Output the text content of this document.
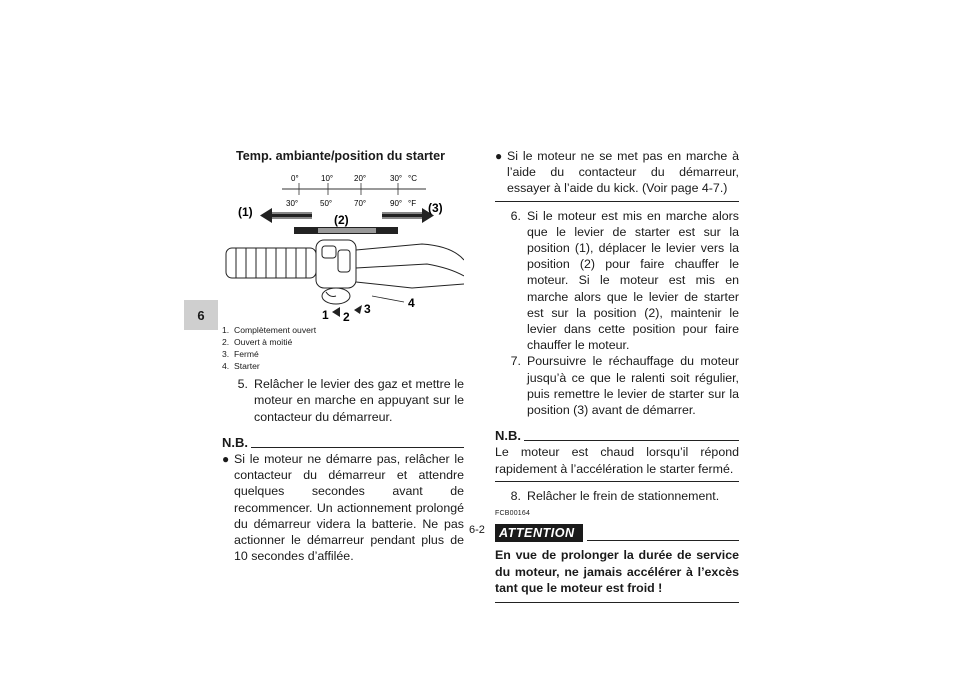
6
Temp. ambiante/position du starter
0°	10°	20°	30° °C
30°	50°	70°	90° °F
(1)
(2)
(3)
1 2
3	4
1. Complètement ouvert
2. Ouvert à moitié
3. Fermé
4. Starter
5. Relâcher le levier des gaz et mettre le moteur en marche en appuyant sur le contacteur du démarreur.
N.B.
● Si le moteur ne démarre pas, relâcher le contacteur du démarreur et attendre quelques secondes avant de recommencer. Un actionnement prolongé du démarreur videra la batterie. Ne pas actionner le démarreur pendant plus de 10 secondes d’affilée.
● Si le moteur ne se met pas en marche à l’aide du contacteur du démarreur, essayer à l’aide du kick. (Voir page 4-7.)
6. Si le moteur est mis en marche alors que le levier de starter est sur la position (1), déplacer le levier vers la position (2) pour faire chauffer le moteur. Si le moteur est mis en marche alors que le levier de starter est sur la position (2), maintenir le levier dans cette position pour faire chauffer le moteur.
7. Poursuivre le réchauffage du moteur jusqu’à ce que le ralenti soit régulier, puis remettre le levier de starter sur la position (3) avant de démarrer.
N.B.
Le moteur est chaud lorsqu’il répond rapidement à l’accélération le starter fermé.
8. Relâcher le frein de stationnement.
FCB00164
ATTENTION
En vue de prolonger la durée de service du moteur, ne jamais accélérer à l’excès tant que le moteur est froid !
6-2
